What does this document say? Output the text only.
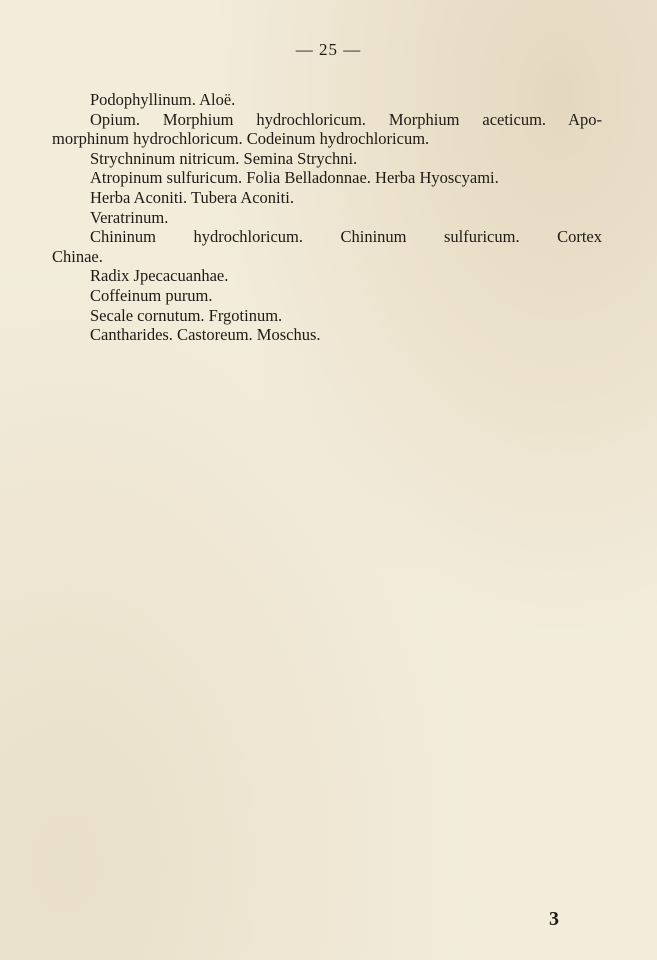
— 25 —
Podophyllinum. Aloë.
Opium. Morphium hydrochloricum. Morphium aceticum. Apo-
morphinum hydrochloricum. Codeinum hydrochloricum.
Strychninum nitricum. Semina Strychni.
Atropinum sulfuricum. Folia Belladonnae. Herba Hyoscyami.
Herba Aconiti. Tubera Aconiti.
Veratrinum.
Chininum hydrochloricum. Chininum sulfuricum. Cortex
Chinae.
Radix Jpecacuanhae.
Coffeinum purum.
Secale cornutum. Frgotinum.
Cantharides. Castoreum. Moschus.
3
